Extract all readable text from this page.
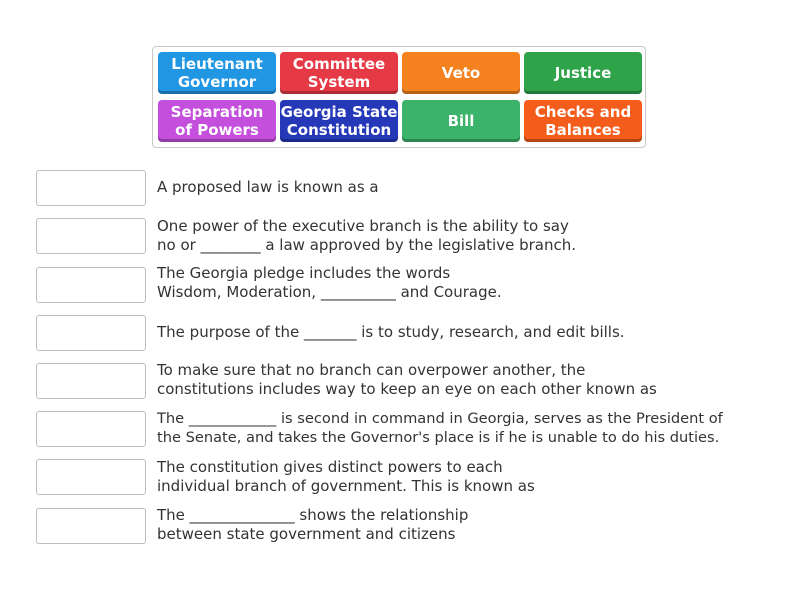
Lieutenant
Governor
Committee
System	Veto	Justice
Separation
of Powers
Georgia State
Constitution	Bill	Checks and
Balances
A proposed law is known as a
One power of the executive branch is the ability to say
no or ________ a law approved by the legislative branch.
The Georgia pledge includes the words
Wisdom, Moderation, __________ and Courage.
The purpose of the _______ is to study, research, and edit bills.
To make sure that no branch can overpower another, the
constitutions includes way to keep an eye on each other known as
The ____________ is second in command in Georgia, serves as the President of
the Senate, and takes the Governor's place is if he is unable to do his duties.
The constitution gives distinct powers to each
individual branch of government. This is known as
The ______________ shows the relationship
between state government and citizens
